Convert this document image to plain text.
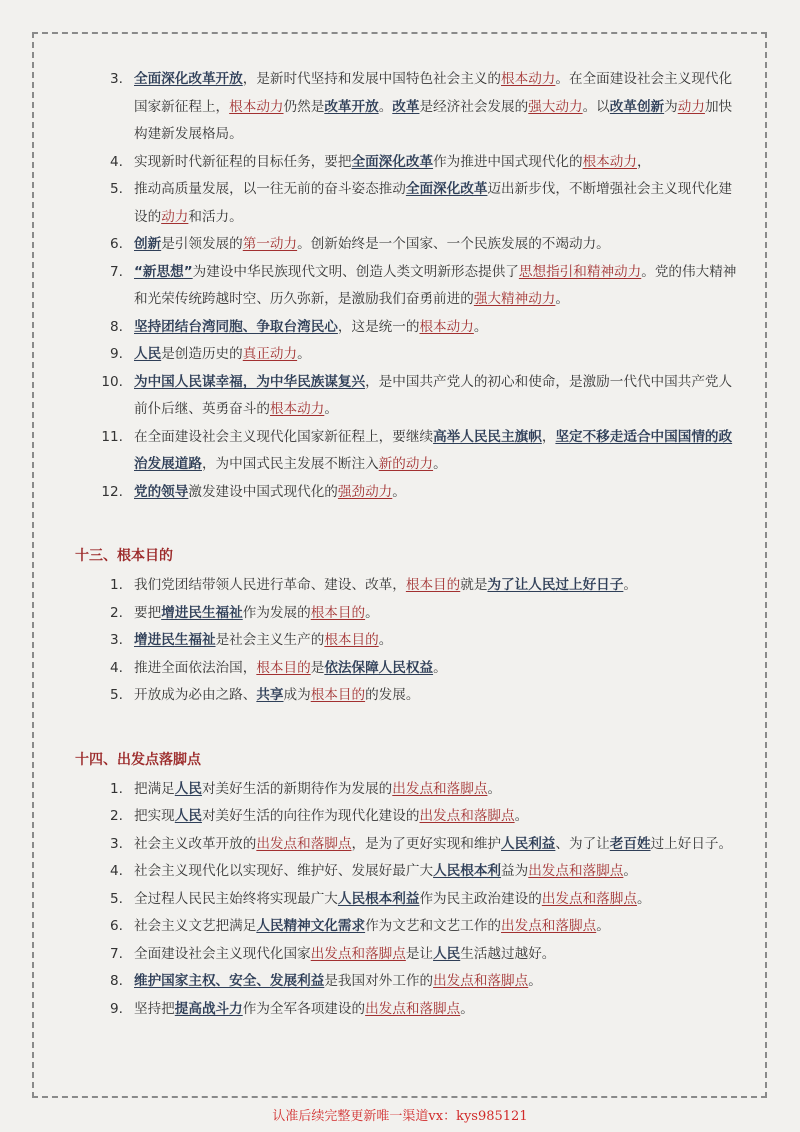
3. 全面深化改革开放，是新时代坚持和发展中国特色社会主义的根本动力。在全面建设社会主义现代化国家新征程上，根本动力仍然是改革开放。改革是经济社会发展的强大动力。以改革创新为动力加快构建新发展格局。
4. 实现新时代新征程的目标任务，要把全面深化改革作为推进中国式现代化的根本动力，
5. 推动高质量发展，以一往无前的奋斗姿态推动全面深化改革迈出新步伐，不断增强社会主义现代化建设的动力和活力。
6. 创新是引领发展的第一动力。创新始终是一个国家、一个民族发展的不竭动力。
7. “新思想”为建设中华民族现代文明、创造人类文明新形态提供了思想指引和精神动力。党的伟大精神和光荣传统跨越时空、历久弥新，是激励我们奋勇前进的强大精神动力。
8. 坚持团结台湾同胞、争取台湾民心，这是统一的根本动力。
9. 人民是创造历史的真正动力。
10. 为中国人民谋幸福，为中华民族谋复兴，是中国共产党人的初心和使命，是激励一代代中国共产党人前仆后继、英勇奋斗的根本动力。
11. 在全面建设社会主义现代化国家新征程上，要继续高举人民民主旗帜，坚定不移走适合中国国情的政治发展道路，为中国式民主发展不断注入新的动力。
12. 党的领导激发建设中国式现代化的强劲动力。
十三、根本目的
1. 我们党团结带领人民进行革命、建设、改革，根本目的就是为了让人民过上好日子。
2. 要把增进民生福祉作为发展的根本目的。
3. 增进民生福祉是社会主义生产的根本目的。
4. 推进全面依法治国，根本目的是依法保障人民权益。
5. 开放成为必由之路、共享成为根本目的的发展。
十四、出发点落脚点
1. 把满足人民对美好生活的新期待作为发展的出发点和落脚点。
2. 把实现人民对美好生活的向往作为现代化建设的出发点和落脚点。
3. 社会主义改革开放的出发点和落脚点，是为了更好实现和维护人民利益、为了让老百姓过上好日子。
4. 社会主义现代化以实现好、维护好、发展好最广大人民根本利益为出发点和落脚点。
5. 全过程人民民主始终将实现最广大人民根本利益作为民主政治建设的出发点和落脚点。
6. 社会主义文艺把满足人民精神文化需求作为文艺和文艺工作的出发点和落脚点。
7. 全面建设社会主义现代化国家出发点和落脚点是让人民生活越过越好。
8. 维护国家主权、安全、发展利益是我国对外工作的出发点和落脚点。
9. 坚持把提高战斗力作为全军各项建设的出发点和落脚点。
认准后续完整更新唯一渠道vx：kys985121
